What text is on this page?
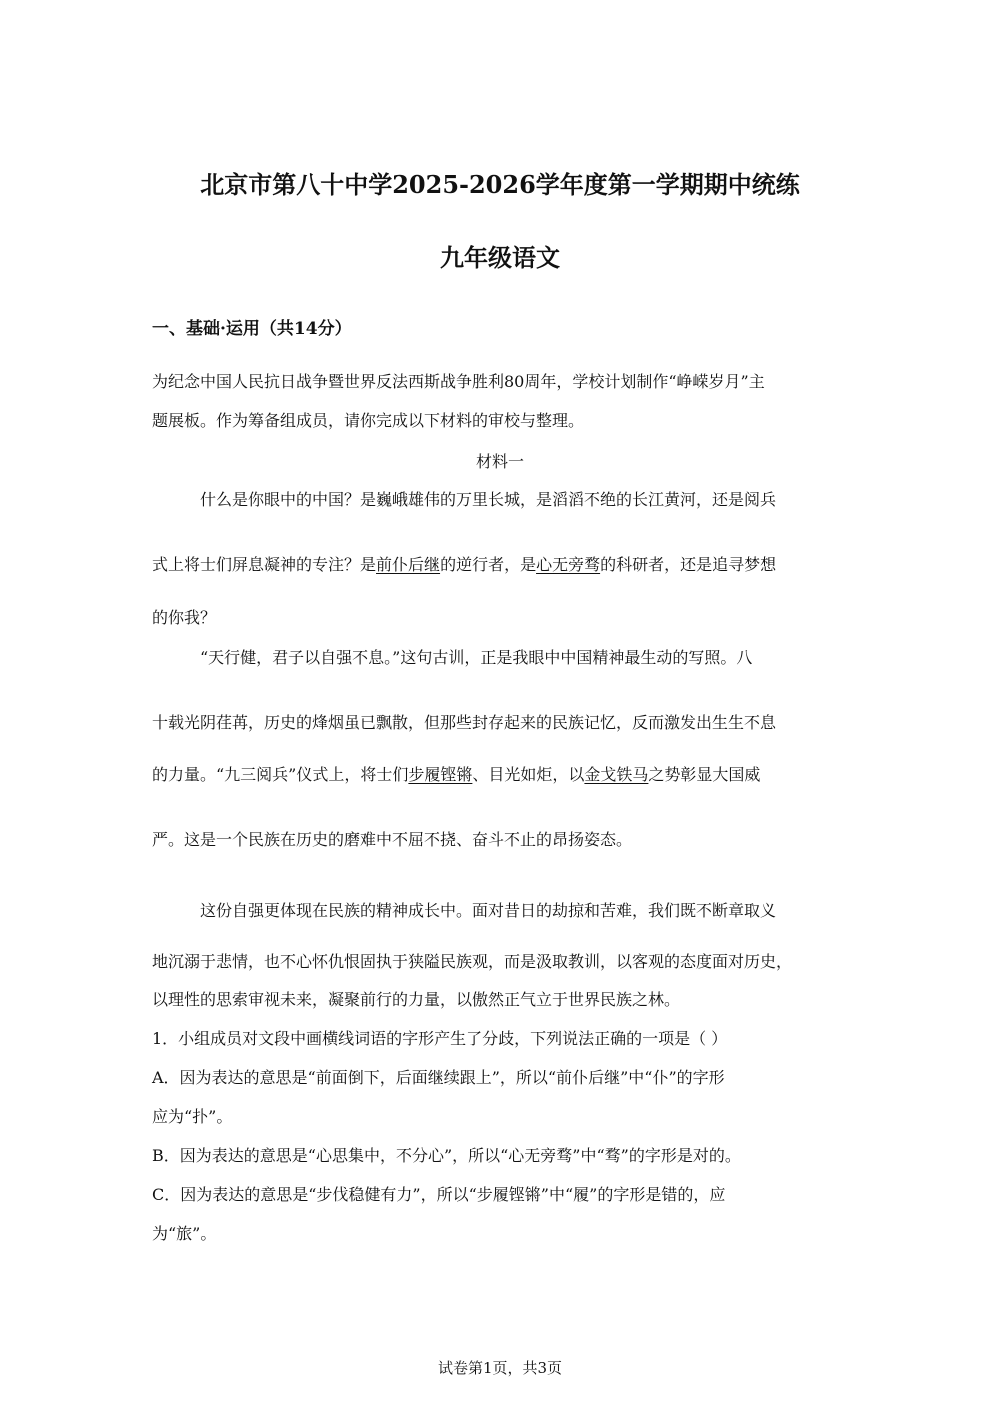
北京市第八十中学2025-2026学年度第一学期期中统练
九年级语文
一、基础·运用（共14分）
为纪念中国人民抗日战争暨世界反法西斯战争胜利80周年，学校计划制作“峥嵘岁月”主
题展板。作为筹备组成员，请你完成以下材料的审校与整理。
材料一
什么是你眼中的中国？是巍峨雄伟的万里长城，是滔滔不绝的长江黄河，还是阅兵
式上将士们屏息凝神的专注？是前仆后继的逆行者，是心无旁骛的科研者，还是追寻梦想
的你我？
“天行健，君子以自强不息。”这句古训，正是我眼中中国精神最生动的写照。八
十载光阴荏苒，历史的烽烟虽已飘散，但那些封存起来的民族记忆，反而激发出生生不息
的力量。“九三阅兵”仪式上，将士们步履铿锵、目光如炬，以金戈铁马之势彰显大国威
严。这是一个民族在历史的磨难中不屈不挠、奋斗不止的昂扬姿态。
这份自强更体现在民族的精神成长中。面对昔日的劫掠和苦难，我们既不断章取义
地沉溺于悲情，也不心怀仇恨固执于狭隘民族观，而是汲取教训，以客观的态度面对历史，
以理性的思索审视未来，凝聚前行的力量，以傲然正气立于世界民族之林。
1．小组成员对文段中画横线词语的字形产生了分歧，下列说法正确的一项是（ ）
A．因为表达的意思是“前面倒下，后面继续跟上”，所以“前仆后继”中“仆”的字形
应为“扑”。
B．因为表达的意思是“心思集中，不分心”，所以“心无旁骛”中“骛”的字形是对的。
C．因为表达的意思是“步伐稳健有力”，所以“步履铿锵”中“履”的字形是错的，应
为“旅”。
试卷第1页，共3页
